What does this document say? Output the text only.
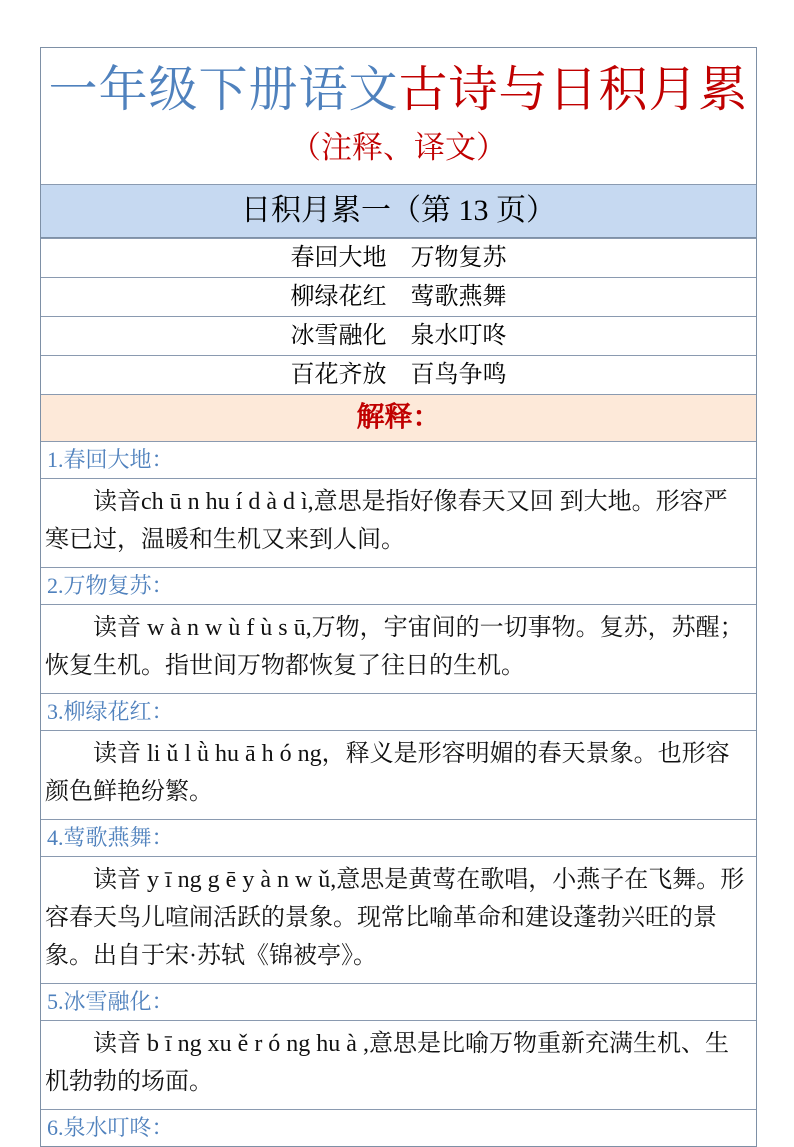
一年级下册语文古诗与日积月累
（注释、译文）
日积月累一（第 13 页）
春回大地　万物复苏
柳绿花红　莺歌燕舞
冰雪融化　泉水叮咚
百花齐放　百鸟争鸣
解释：
1.春回大地：
读音ch ū n hu í d à d ì,意思是指好像春天又回 到大地。形容严寒已过，温暖和生机又来到人间。
2.万物复苏：
读音 w à n w ù f ù s ū,万物，宇宙间的一切事物。复苏，苏醒；恢复生机。指世间万物都恢复了往日的生机。
3.柳绿花红：
读音 li ǔ l ǜ hu ā h ó ng，释义是形容明媚的春天景象。也形容颜色鲜艳纷繁。
4.莺歌燕舞：
读音 y ī ng g ē y à n w ǔ,意思是黄莺在歌唱，小燕子在飞舞。形容春天鸟儿喧闹活跃的景象。现常比喻革命和建设蓬勃兴旺的景象。出自于宋·苏轼《锦被亭》。
5.冰雪融化：
读音 b ī ng xu ě r ó ng hu à ,意思是比喻万物重新充满生机、生机勃勃的场面。
6.泉水叮咚：
